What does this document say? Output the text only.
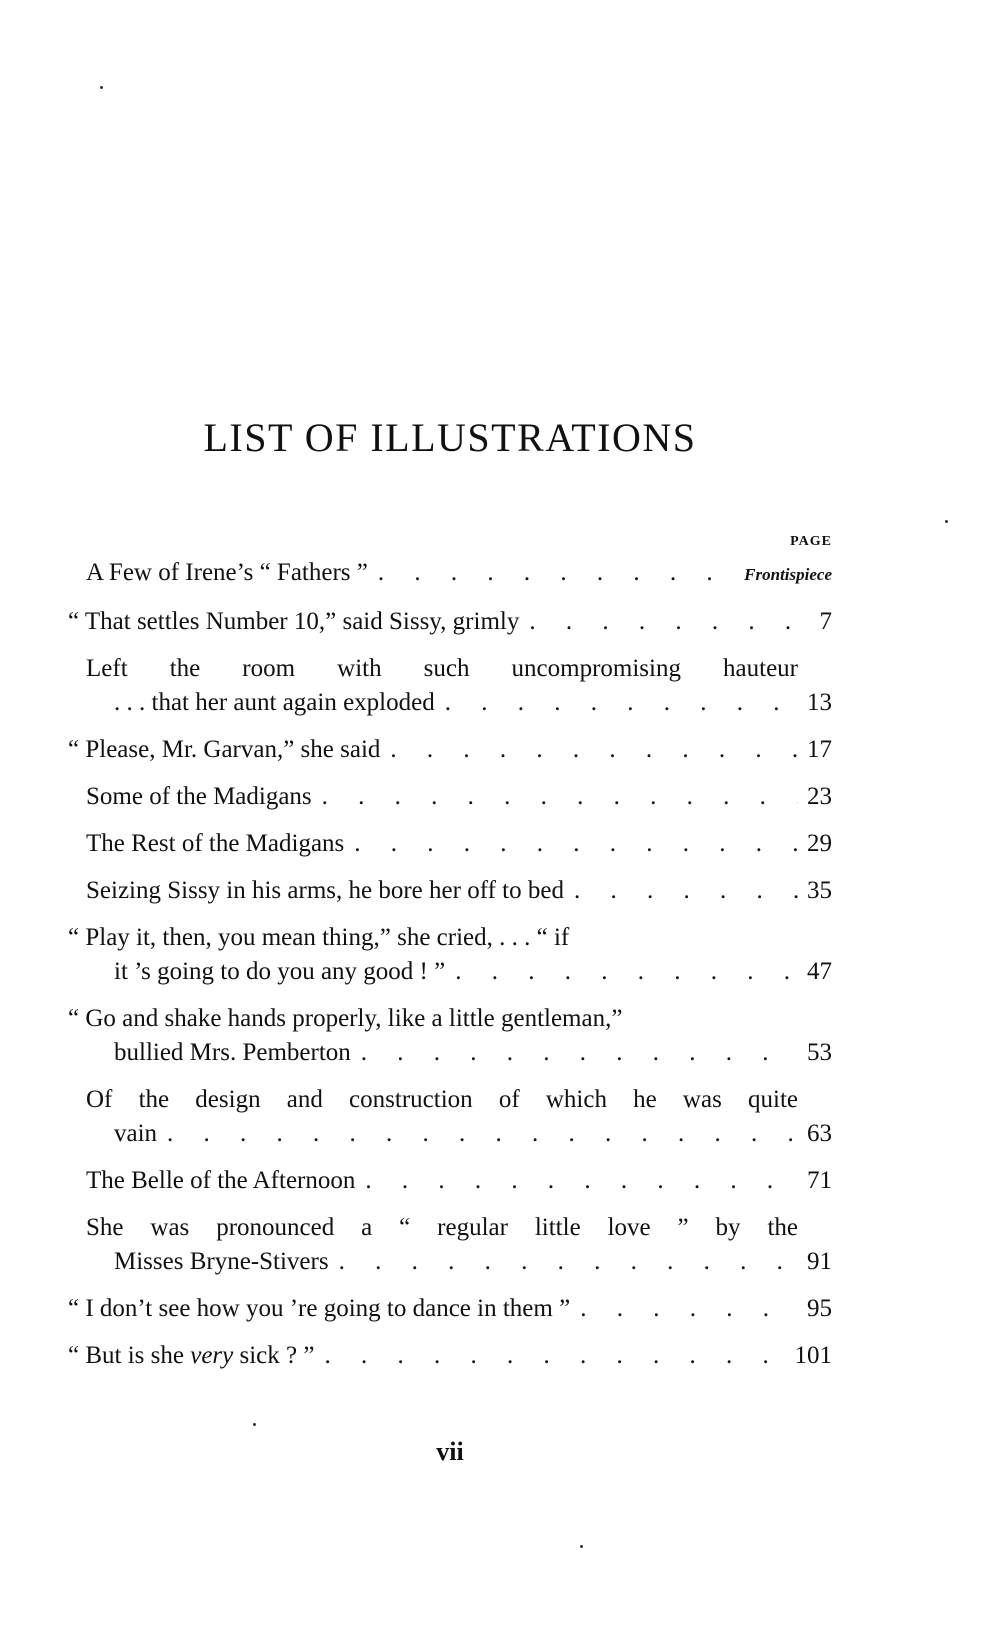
LIST OF ILLUSTRATIONS
PAGE
A Few of Irene’s “ Fathers ” . . .	Frontispiece
“ That settles Number 10,” said Sissy, grimly . . .	7
Left the room with such uncompromising hauteur
. . . that her aunt again exploded . . .	13
“ Please, Mr. Garvan,” she said . . .	17
Some of the Madigans . . .	23
The Rest of the Madigans . . .	29
Seizing Sissy in his arms, he bore her off to bed . . .	35
“ Play it, then, you mean thing,” she cried, . . . “ if
it ’s going to do you any good ! ” . . .	47
“ Go and shake hands properly, like a little gentleman,”
bullied Mrs. Pemberton . . .	53
Of the design and construction of which he was quite
vain . . .	63
The Belle of the Afternoon . . .	71
She was pronounced a “ regular little love ” by the
Misses Bryne-Stivers . . .	91
“ I don’t see how you ’re going to dance in them ” . . .	95
“ But is she very sick ? ” . . .	101
vii
